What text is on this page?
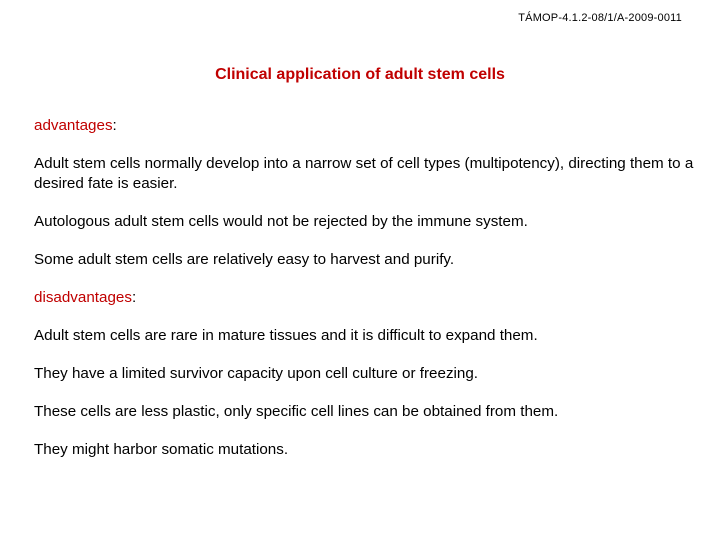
TÁMOP-4.1.2-08/1/A-2009-0011
Clinical application of adult stem cells

advantages:

Adult stem cells normally develop into a narrow set of cell types (multipotency), directing them to a desired fate is easier.

Autologous adult stem cells would not be rejected by the immune system.

Some adult stem cells are relatively easy to harvest and purify.

disadvantages:

Adult stem cells are rare in mature tissues and it is difficult to expand them.

They have a limited survivor capacity upon cell culture or freezing.

These cells are less plastic, only specific cell lines can be obtained from them.

They might harbor somatic mutations.
